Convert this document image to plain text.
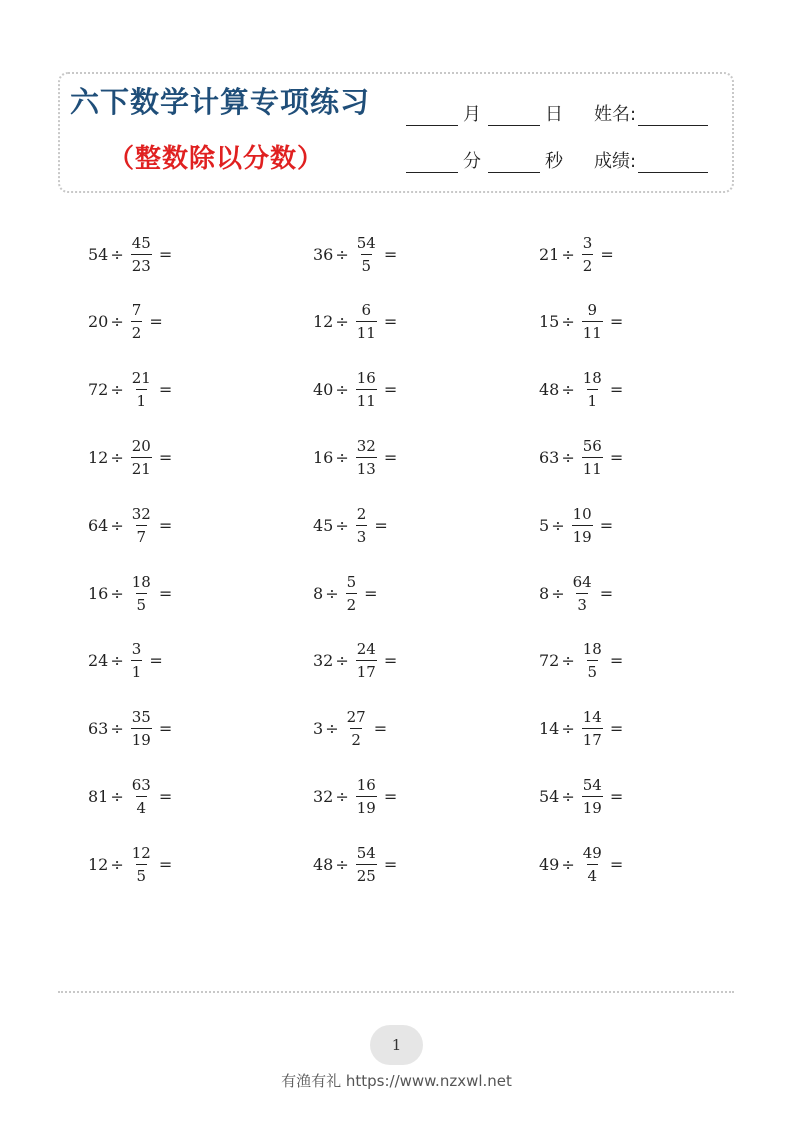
六下数学计算专项练习
（整数除以分数）
月	日 姓名:
分	秒 成绩:
$54 \div \frac{45}{23}$ =	$36 \div \frac{54}{5}$ =	$21 \div \frac{3}{2}$ =
$20 \div \frac{7}{2}$ =	$12 \div \frac{6}{11}$ =	$15 \div \frac{9}{11}$ =
$72 \div \frac{21}{1}$ =	$40 \div \frac{16}{11}$ =	$48 \div \frac{18}{1}$ =
$12 \div \frac{20}{21}$ =	$16 \div \frac{32}{13}$ =	$63 \div \frac{56}{11}$ =
$64 \div \frac{32}{7}$ =	$45 \div \frac{2}{3}$ =	$5 \div \frac{10}{19}$ =
$16 \div \frac{18}{5}$ =	$8 \div \frac{5}{2}$ =	$8 \div \frac{64}{3}$ =
$24 \div \frac{3}{1}$ =	$32 \div \frac{24}{17}$ =	$72 \div \frac{18}{5}$ =
$63 \div \frac{35}{19}$ =	$3 \div \frac{27}{2}$ =	$14 \div \frac{14}{17}$ =
$81 \div \frac{63}{4}$ =	$32 \div \frac{16}{19}$ =	$54 \div \frac{54}{19}$ =
$12 \div \frac{12}{5}$ =	$48 \div \frac{54}{25}$ =	$49 \div \frac{49}{4}$ =
1
有渔有礼 https://www.nzxwl.net
